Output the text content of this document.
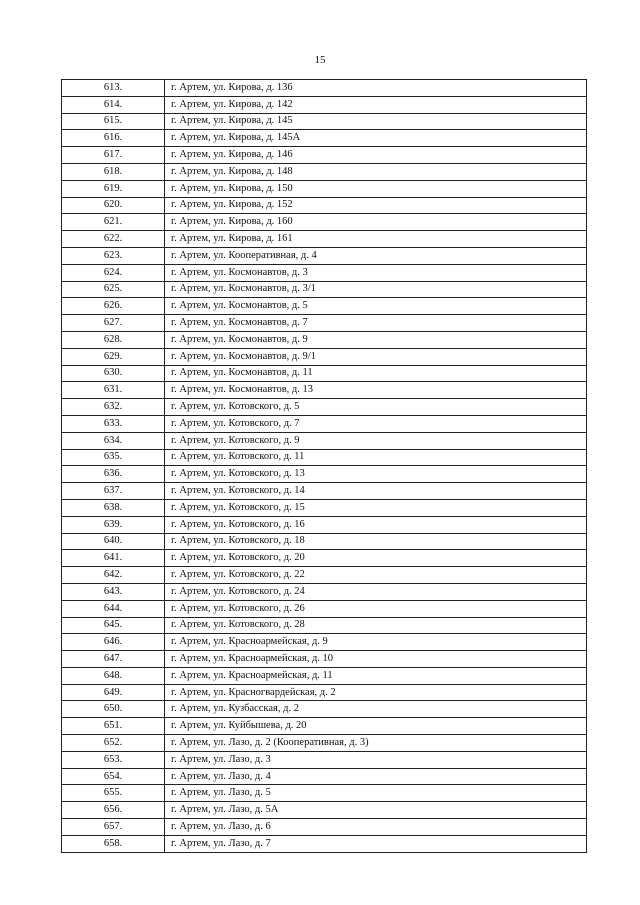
15
613.	г. Артем, ул. Кирова, д. 136
614.	г. Артем, ул. Кирова, д. 142
615.	г. Артем, ул. Кирова, д. 145
616.	г. Артем, ул. Кирова, д. 145А
617.	г. Артем, ул. Кирова, д. 146
618.	г. Артем, ул. Кирова, д. 148
619.	г. Артем, ул. Кирова, д. 150
620.	г. Артем, ул. Кирова, д. 152
621.	г. Артем, ул. Кирова, д. 160
622.	г. Артем, ул. Кирова, д. 161
623.	г. Артем, ул. Кооперативная, д. 4
624.	г. Артем, ул. Космонавтов, д. 3
625.	г. Артем, ул. Космонавтов, д. 3/1
626.	г. Артем, ул. Космонавтов, д. 5
627.	г. Артем, ул. Космонавтов, д. 7
628.	г. Артем, ул. Космонавтов, д. 9
629.	г. Артем, ул. Космонавтов, д. 9/1
630.	г. Артем, ул. Космонавтов, д. 11
631.	г. Артем, ул. Космонавтов, д. 13
632.	г. Артем, ул. Котовского, д. 5
633.	г. Артем, ул. Котовского, д. 7
634.	г. Артем, ул. Котовского, д. 9
635.	г. Артем, ул. Котовского, д. 11
636.	г. Артем, ул. Котовского, д. 13
637.	г. Артем, ул. Котовского, д. 14
638.	г. Артем, ул. Котовского, д. 15
639.	г. Артем, ул. Котовского, д. 16
640.	г. Артем, ул. Котовского, д. 18
641.	г. Артем, ул. Котовского, д. 20
642.	г. Артем, ул. Котовского, д. 22
643.	г. Артем, ул. Котовского, д. 24
644.	г. Артем, ул. Котовского, д. 26
645.	г. Артем, ул. Котовского, д. 28
646.	г. Артем, ул. Красноармейская, д. 9
647.	г. Артем, ул. Красноармейская, д. 10
648.	г. Артем, ул. Красноармейская, д. 11
649.	г. Артем, ул. Красногвардейская, д. 2
650.	г. Артем, ул. Кузбасская, д. 2
651.	г. Артем, ул. Куйбышева, д. 20
652.	г. Артем, ул. Лазо, д. 2 (Кооперативная, д. 3)
653.	г. Артем, ул. Лазо, д. 3
654.	г. Артем, ул. Лазо, д. 4
655.	г. Артем, ул. Лазо, д. 5
656.	г. Артем, ул. Лазо, д. 5А
657.	г. Артем, ул. Лазо, д. 6
658.	г. Артем, ул. Лазо, д. 7
